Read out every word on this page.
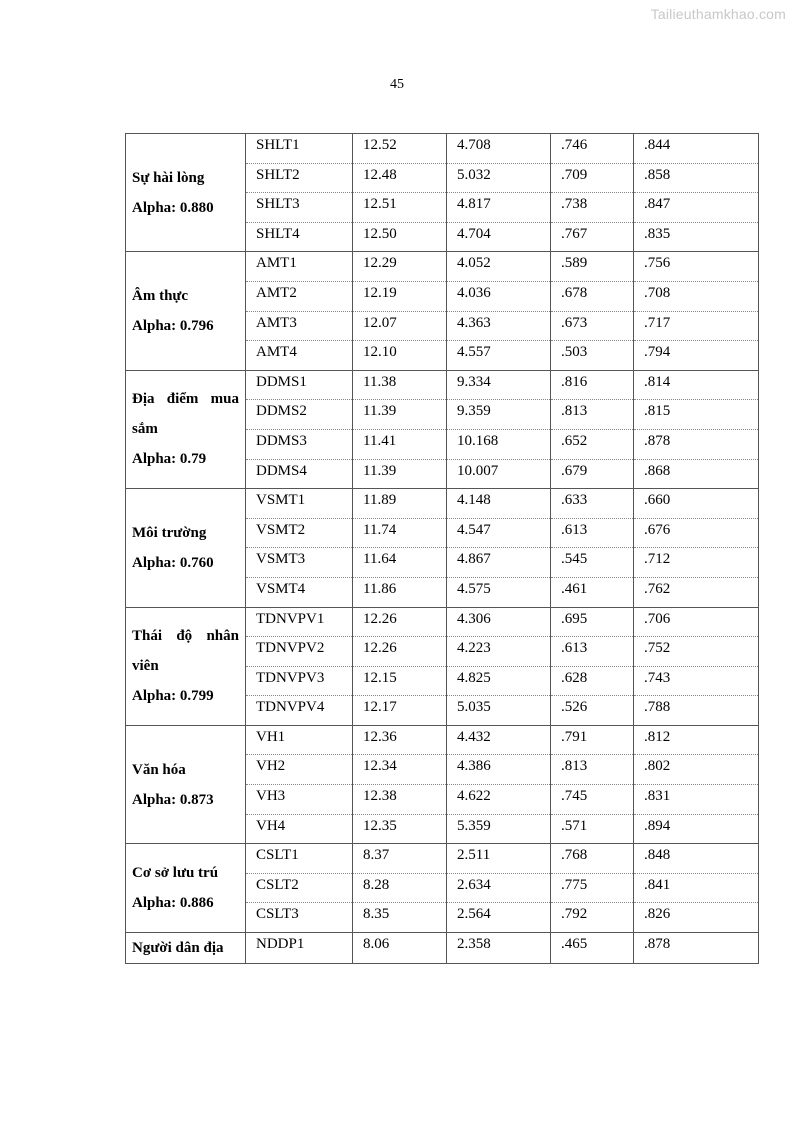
Tailieuthamkhao.com
45
Sự hài lòng
Alpha: 0.880	SHLT1	12.52	4.708	.746	.844
	SHLT2	12.48	5.032	.709	.858
	SHLT3	12.51	4.817	.738	.847
	SHLT4	12.50	4.704	.767	.835

Âm thực
Alpha: 0.796	AMT1	12.29	4.052	.589	.756
	AMT2	12.19	4.036	.678	.708
	AMT3	12.07	4.363	.673	.717
	AMT4	12.10	4.557	.503	.794

Địa điểm mua sắm
Alpha: 0.79	DDMS1	11.38	9.334	.816	.814
	DDMS2	11.39	9.359	.813	.815
	DDMS3	11.41	10.168	.652	.878
	DDMS4	11.39	10.007	.679	.868

Môi trường
Alpha: 0.760	VSMT1	11.89	4.148	.633	.660
	VSMT2	11.74	4.547	.613	.676
	VSMT3	11.64	4.867	.545	.712
	VSMT4	11.86	4.575	.461	.762

Thái độ nhân viên
Alpha: 0.799	TDNVPV1	12.26	4.306	.695	.706
	TDNVPV2	12.26	4.223	.613	.752
	TDNVPV3	12.15	4.825	.628	.743
	TDNVPV4	12.17	5.035	.526	.788

Văn hóa
Alpha: 0.873	VH1	12.36	4.432	.791	.812
	VH2	12.34	4.386	.813	.802
	VH3	12.38	4.622	.745	.831
	VH4	12.35	5.359	.571	.894

Cơ sở lưu trú
Alpha: 0.886	CSLT1	8.37	2.511	.768	.848
	CSLT2	8.28	2.634	.775	.841
	CSLT3	8.35	2.564	.792	.826

Người dân địa	NDDP1	8.06	2.358	.465	.878
